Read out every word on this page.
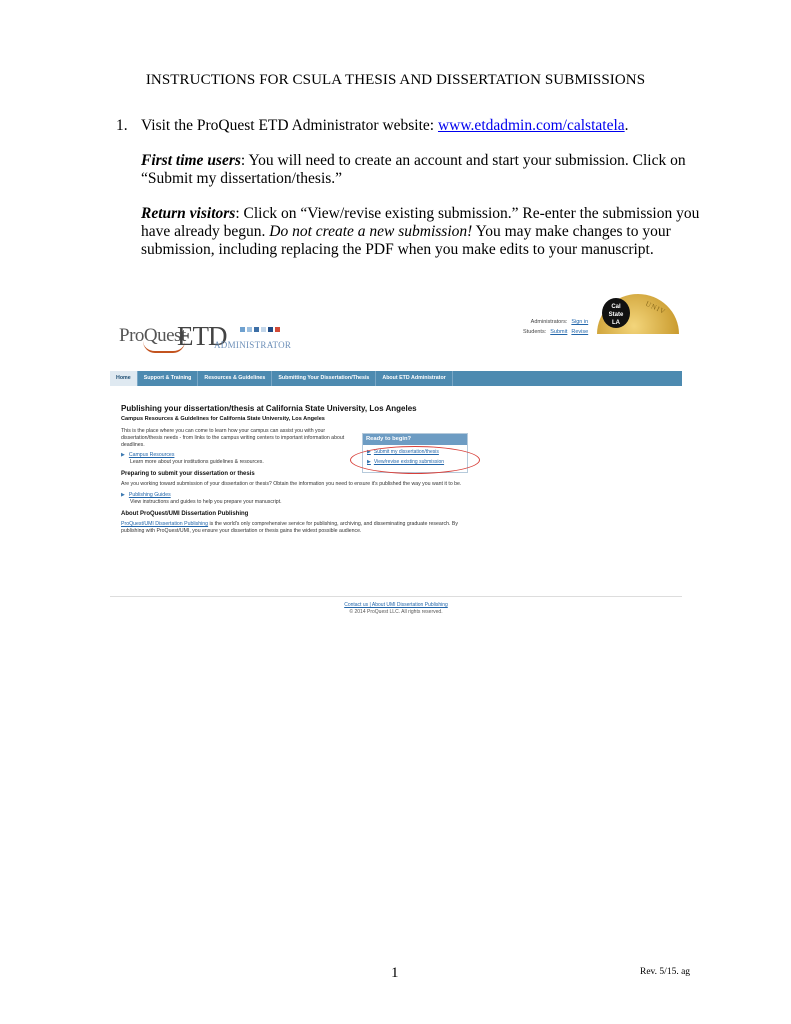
INSTRUCTIONS FOR CSULA THESIS AND DISSERTATION SUBMISSIONS
1. Visit the ProQuest ETD Administrator website: www.etdadmin.com/calstatela.

First time users: You will need to create an account and start your submission. Click on “Submit my dissertation/thesis.”

Return visitors: Click on “View/revise existing submission.” Re-enter the submission you have already begun. Do not create a new submission! You may make changes to your submission, including replacing the PDF when you make edits to your manuscript.

ProQuest
ETD
ADMINISTRATOR
Administrators: Sign in
Students: Submit Revise
Cal
State
LA
UNIV
Home	Support & Training	Resources & Guidelines	Submitting Your Dissertation/Thesis	About ETD Administrator
Publishing your dissertation/thesis at California State University, Los Angeles
Campus Resources & Guidelines for California State University, Los Angeles
This is the place where you can come to learn how your campus can assist you with your dissertation/thesis needs - from links to the campus writing centers to important information about deadlines.
▶ Campus Resources
Learn more about your institutions guidelines & resources.
Preparing to submit your dissertation or thesis
Are you working toward submission of your dissertation or thesis? Obtain the information you need to ensure it's published the way you want it to be.
▶ Publishing Guides
View instructions and guides to help you prepare your manuscript.
About ProQuest/UMI Dissertation Publishing
ProQuest/UMI Dissertation Publishing is the world's only comprehensive service for publishing, archiving, and disseminating graduate research. By publishing with ProQuest/UMI, you ensure your dissertation or thesis gains the widest possible audience.
Ready to begin?
▶ Submit my dissertation/thesis
▶ View/revise existing submission
Contact us | About UMI Dissertation Publishing
© 2014 ProQuest LLC. All rights reserved.
1	Rev. 5/15. ag
